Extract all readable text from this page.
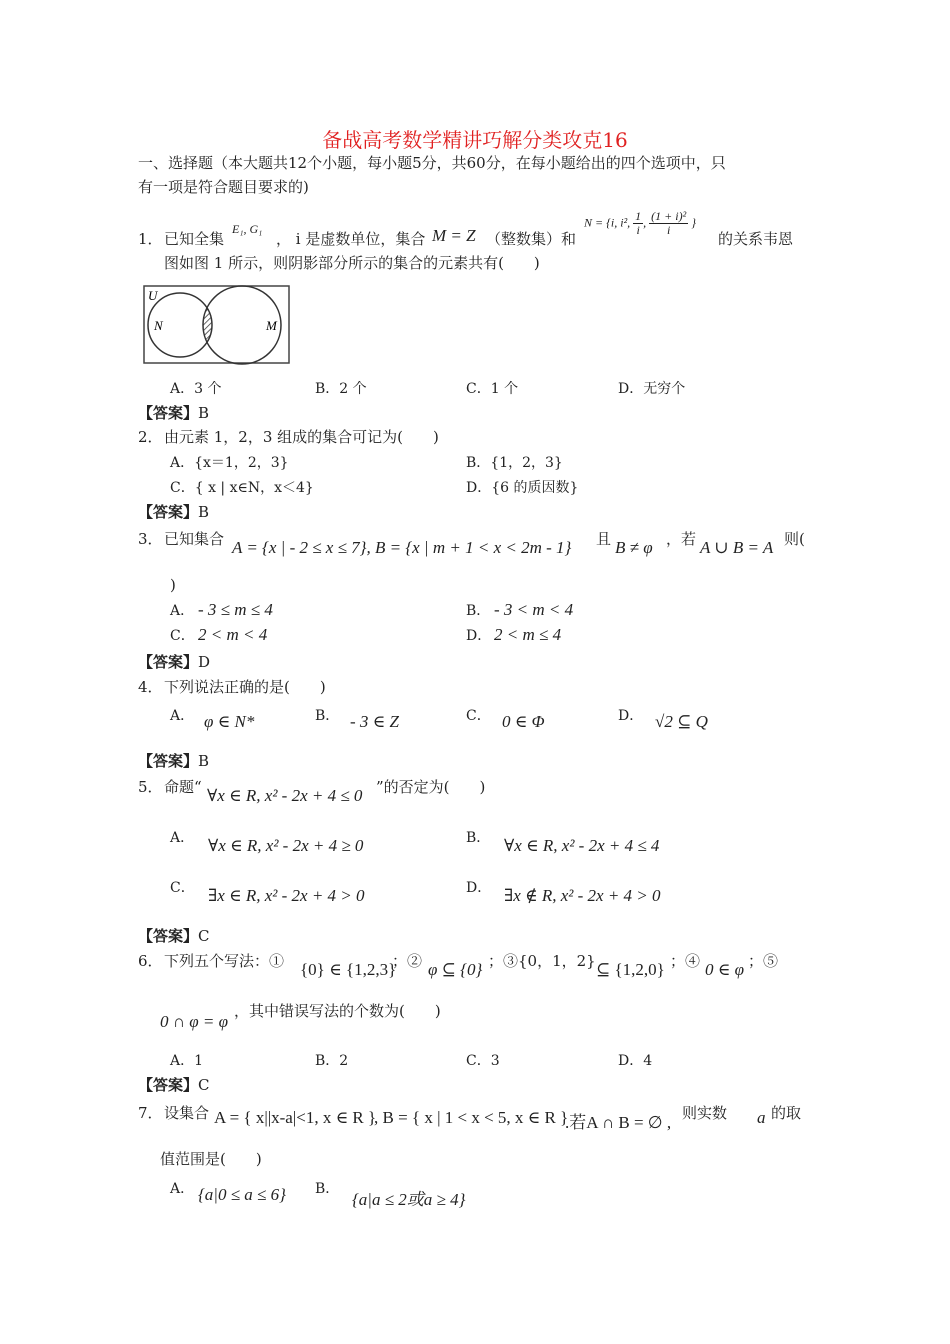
备战高考数学精讲巧解分类攻克16
一、选择题（本大题共12个小题，每小题5分，共60分，在每小题给出的四个选项中，只
有一项是符合题目要求的)
1． 已知全集
E₁, G₁
， i 是虚数单位，集合 M = Z （整数集）和
N = {i, i², $\frac{1}{i}$ , $\frac{\text{(1 + i)²}}{i}$ }
的关系韦恩
图如图 1 所示，则阴影部分所示的集合的元素共有(　　)
U
N	M
A．3 个	B．2 个	C．1 个	D．无穷个
【答案】B
2． 由元素 1，2，3 组成的集合可记为(　　)
A．{x＝1，2，3}	B．{1，2，3}
C．{ x | x∈N，x＜4}	D．{6 的质因数}
【答案】B
3． 已知集合 A = {x | - 2 ≤ x ≤ 7}, B = {x | m + 1 < x < 2m - 1} 且 B ≠ φ ，若 A ∪ B = A 则(
)
A． - 3 ≤ m ≤ 4	B． - 3 < m < 4
C． 2 < m < 4	D． 2 < m ≤ 4
【答案】D
4． 下列说法正确的是(　　)
A． φ ∈ N*	B． - 3 ∈ Z	C． 0 ∈ Φ	D． √2 ⊆ Q
【答案】B
5． 命题“ ∀x ∈ R, x² - 2x + 4 ≤ 0 ”的否定为(　　)
A． ∀x ∈ R, x² - 2x + 4 ≥ 0	B． ∀x ∈ R, x² - 2x + 4 ≤ 4
C． ∃x ∈ R, x² - 2x + 4 > 0	D． ∃x ∉ R, x² - 2x + 4 > 0
【答案】C
6． 下列五个写法：① {0} ∈ {1,2,3}
；② φ ⊆ {0} ；③{0，1，2} ⊆ {1,2,0} ；④ 0 ∈ φ ；⑤
0 ∩ φ = φ
，其中错误写法的个数为(　　)
A．1	B．2	C．3	D．4
【答案】C
7． 设集合 A = { x||x-a|<1, x ∈ R }
, B = { x | 1 < x < 5, x ∈ R }
.若A ∩ B = ∅ , 则实数 a 的取
值范围是(　　)
A． {a|0 ≤ a ≤ 6} B．
{a|a ≤ 2或a ≥ 4}
